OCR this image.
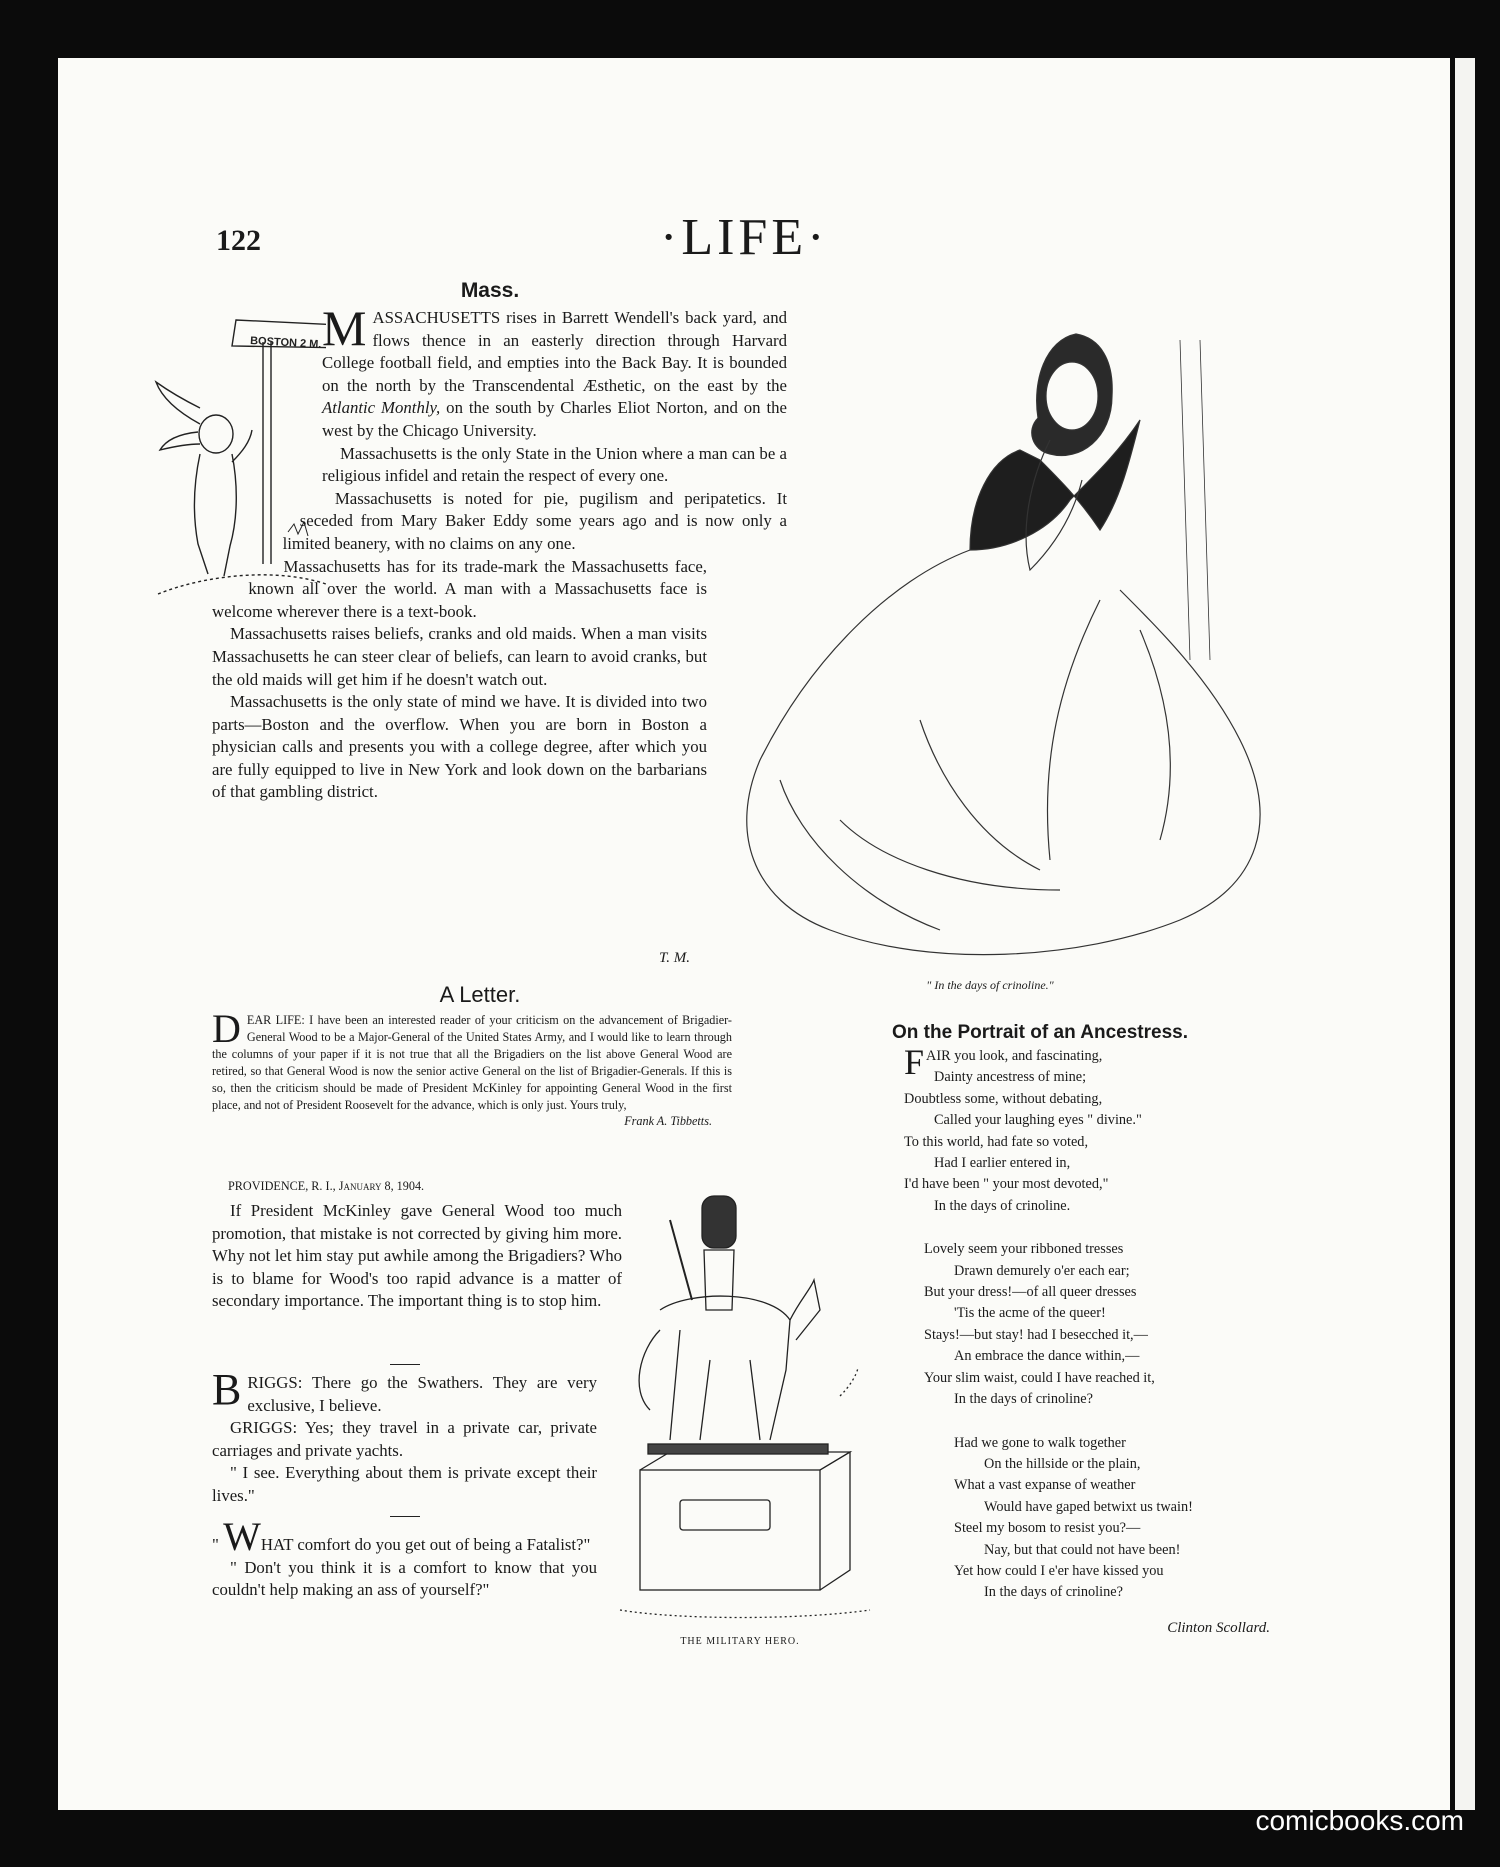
122	·LIFE·
BOSTON 2 M.
Mass.

MASSACHUSETTS rises in Barrett Wendell's back yard, and flows thence in an easterly direction through Harvard College football field, and empties into the Back Bay. It is bounded on the north by the Transcendental Æsthetic, on the east by the Atlantic Monthly, on the south by Charles Eliot Norton, and on the west by the Chicago University.

Massachusetts is the only State in the Union where a man can be a religious infidel and retain the respect of every one.

Massachusetts is noted for pie, pugilism and peripatetics. It seceded from Mary Baker Eddy some years ago and is now only a limited beanery, with no claims on any one.

Massachusetts has for its trade-mark the Massachusetts face, known all over the world. A man with a Massachusetts face is welcome wherever there is a text-book.

Massachusetts raises beliefs, cranks and old maids. When a man visits Massachusetts he can steer clear of beliefs, can learn to avoid cranks, but the old maids will get him if he doesn't watch out.

Massachusetts is the only state of mind we have. It is divided into two parts—Boston and the overflow. When you are born in Boston a physician calls and presents you with a college degree, after which you are fully equipped to live in New York and look down on the barbarians of that gambling district.

T. M.
" In the days of crinoline."
A Letter.

DEAR LIFE: I have been an interested reader of your criticism on the advancement of Brigadier-General Wood to be a Major-General of the United States Army, and I would like to learn through the columns of your paper if it is not true that all the Brigadiers on the list above General Wood are retired, so that General Wood is now the senior active General on the list of Brigadier-Generals. If this is so, then the criticism should be made of President McKinley for appointing General Wood in the first place, and not of President Roosevelt for the advance, which is only just. Yours truly,
Frank A. Tibbetts.

PROVIDENCE, R. I., January 8, 1904.

If President McKinley gave General Wood too much promotion, that mistake is not corrected by giving him more. Why not let him stay put awhile among the Brigadiers? Who is to blame for Wood's too rapid advance is a matter of secondary importance. The important thing is to stop him.

BRIGGS: There go the Swathers. They are very exclusive, I believe.

GRIGGS: Yes; they travel in a private car, private carriages and private yachts.

" I see. Everything about them is private except their lives."

" WHAT comfort do you get out of being a Fatalist?"

" Don't you think it is a comfort to know that you couldn't help making an ass of yourself?"

THE MILITARY HERO.
On the Portrait of an Ancestress.
FAIR you look, and fascinating,
Dainty ancestress of mine;
Doubtless some, without debating,
Called your laughing eyes " divine."
To this world, had fate so voted,
Had I earlier entered in,
I'd have been " your most devoted,"
In the days of crinoline.
Lovely seem your ribboned tresses
Drawn demurely o'er each ear;
But your dress!—of all queer dresses
'Tis the acme of the queer!
Stays!—but stay! had I besecched it,—
An embrace the dance within,—
Your slim waist, could I have reached it,
In the days of crinoline?
Had we gone to walk together
On the hillside or the plain,
What a vast expanse of weather
Would have gaped betwixt us twain!
Steel my bosom to resist you?—
Nay, but that could not have been!
Yet how could I e'er have kissed you
In the days of crinoline?
Clinton Scollard.
comicbooks.com
